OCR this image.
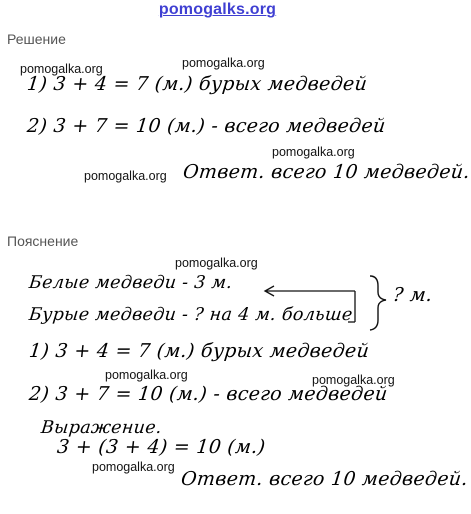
pomogalks.org
Решение
pomogalka.org	pomogalka.org
1) 3 + 4 = 7 (м.) бурых медведей
2) 3 + 7 = 10 (м.) - всего медведей
pomogalka.org
pomogalka.org Ответ. всего 10 медведей.
Пояснение
pomogalka.org
Белые медведи - 3 м.
Бурые медведи - ? на 4 м. больше
? м.
1) 3 + 4 = 7 (м.) бурых медведей
pomogalka.org	pomogalka.org
2) 3 + 7 = 10 (м.) - всего медведей
Выражение.
3 + (3 + 4) = 10 (м.)
pomogalka.org
Ответ. всего 10 медведей.
